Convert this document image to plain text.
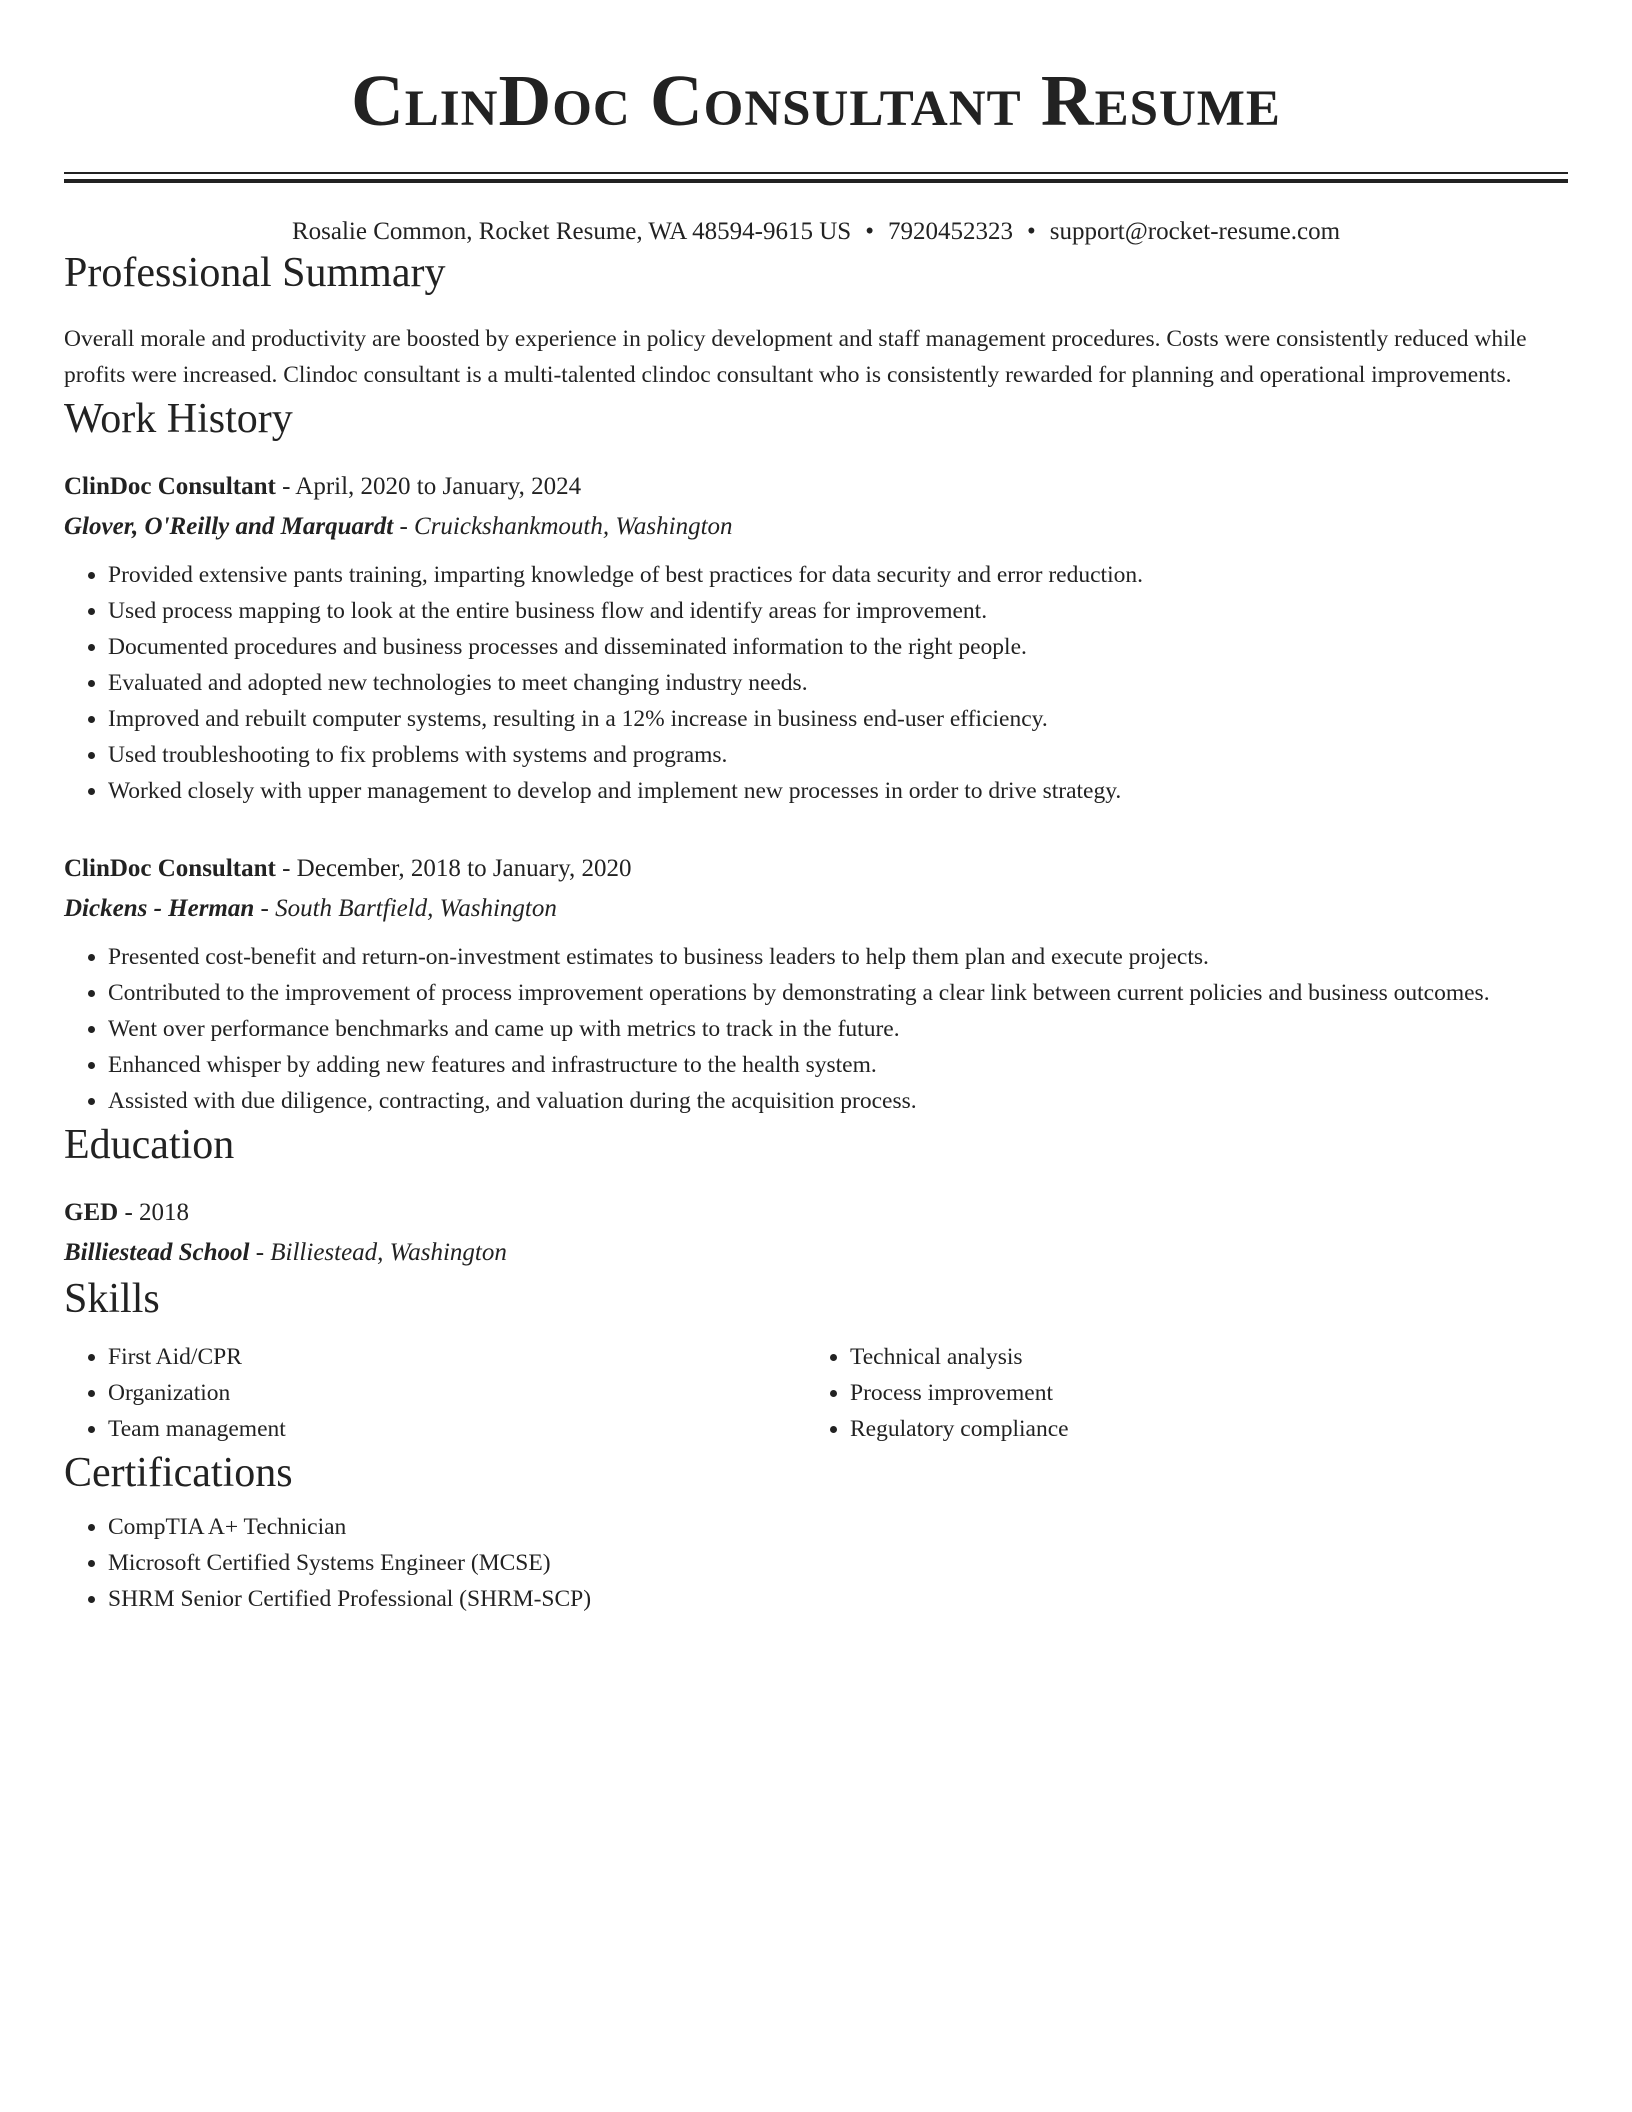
ClinDoc Consultant Resume
Rosalie Common, Rocket Resume, WA 48594-9615 US • 7920452323 • support@rocket-resume.com
Professional Summary

Overall morale and productivity are boosted by experience in policy development and staff management procedures. Costs were consistently reduced while profits were increased. Clindoc consultant is a multi-talented clindoc consultant who is consistently rewarded for planning and operational improvements.

Work History
ClinDoc Consultant - April, 2020 to January, 2024
Glover, O'Reilly and Marquardt - Cruickshankmouth, Washington
• Provided extensive pants training, imparting knowledge of best practices for data security and error reduction.
• Used process mapping to look at the entire business flow and identify areas for improvement.
• Documented procedures and business processes and disseminated information to the right people.
• Evaluated and adopted new technologies to meet changing industry needs.
• Improved and rebuilt computer systems, resulting in a 12% increase in business end-user efficiency.
• Used troubleshooting to fix problems with systems and programs.
• Worked closely with upper management to develop and implement new processes in order to drive strategy.
ClinDoc Consultant - December, 2018 to January, 2020
Dickens - Herman - South Bartfield, Washington
• Presented cost-benefit and return-on-investment estimates to business leaders to help them plan and execute projects.
• Contributed to the improvement of process improvement operations by demonstrating a clear link between current policies and business outcomes.
• Went over performance benchmarks and came up with metrics to track in the future.
• Enhanced whisper by adding new features and infrastructure to the health system.
• Assisted with due diligence, contracting, and valuation during the acquisition process.
Education
GED - 2018
Billiestead School - Billiestead, Washington
Skills
• First Aid/CPR
• Organization
• Team management
• Technical analysis
• Process improvement
• Regulatory compliance
Certifications
• CompTIA A+ Technician
• Microsoft Certified Systems Engineer (MCSE)
• SHRM Senior Certified Professional (SHRM-SCP)
